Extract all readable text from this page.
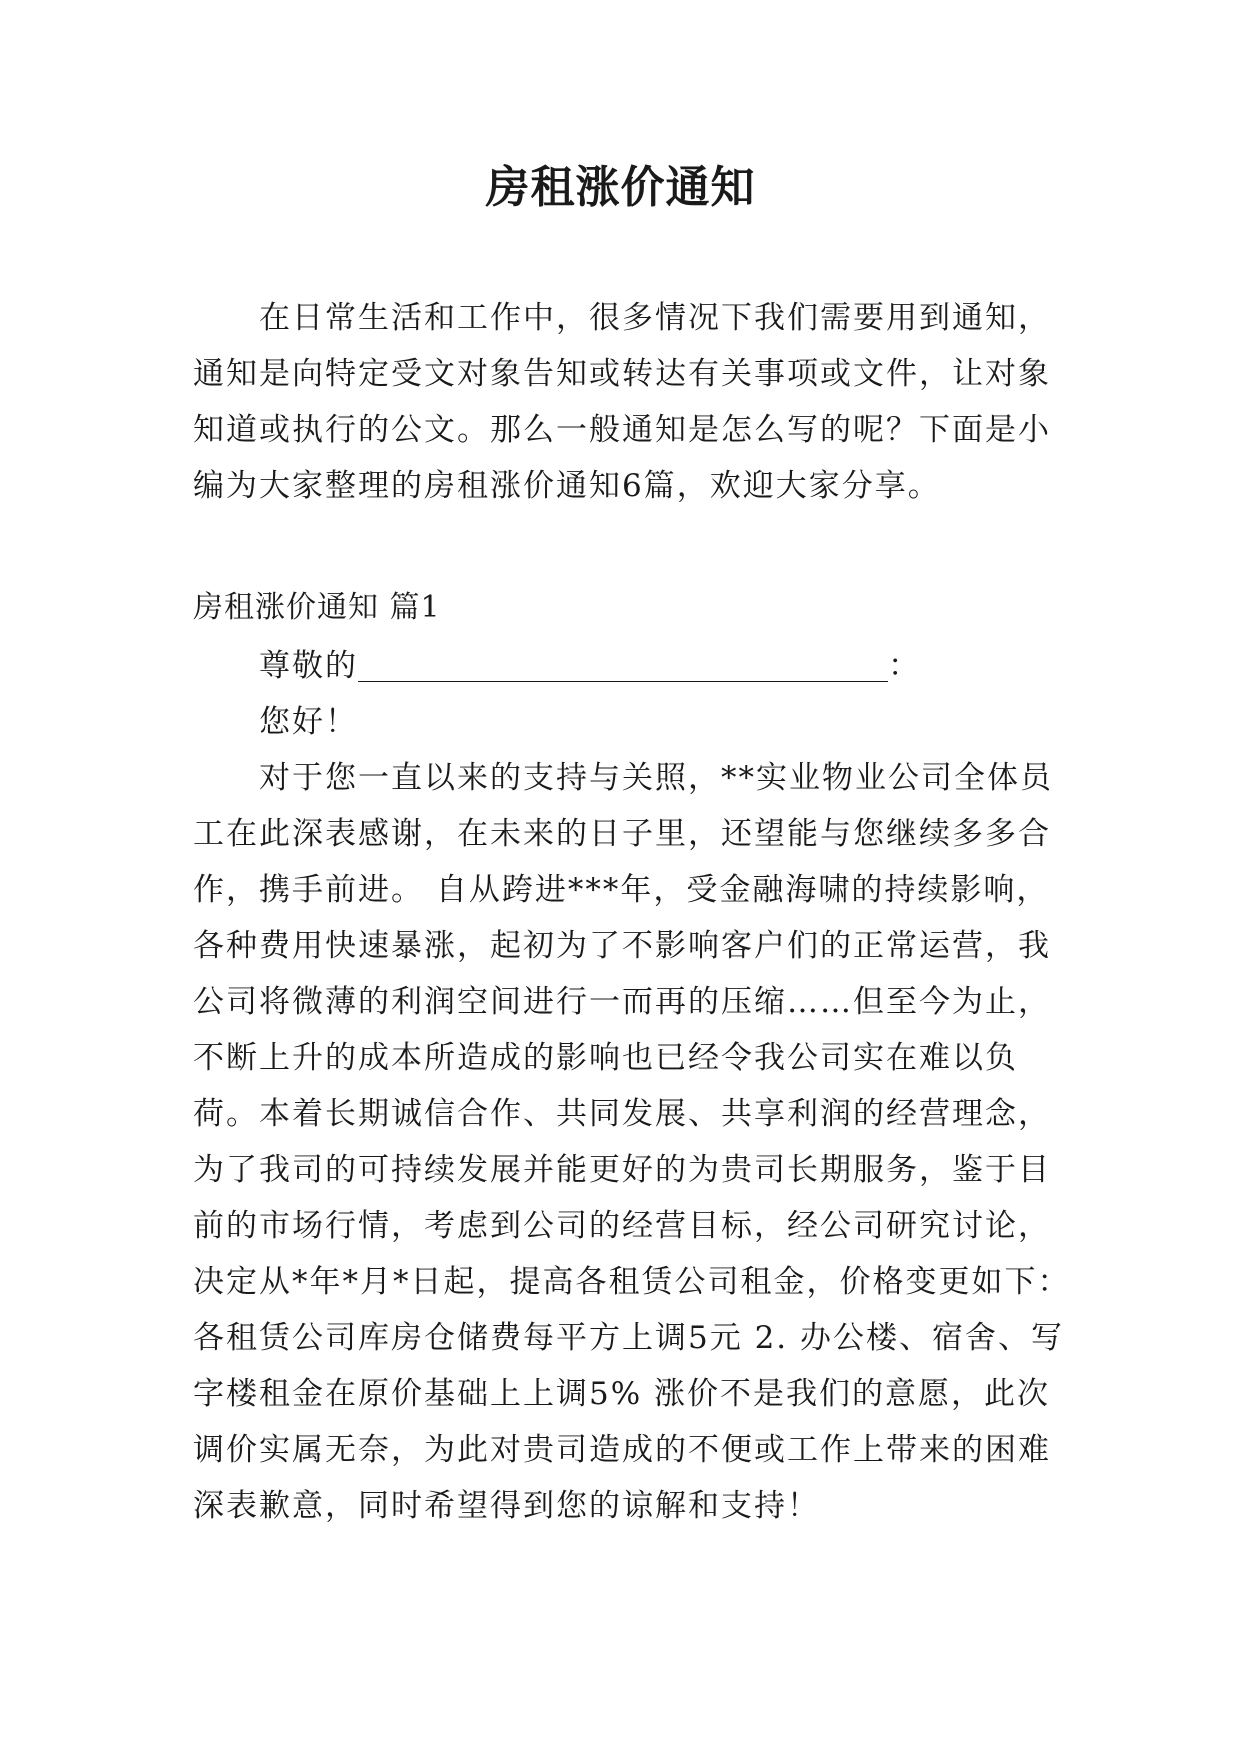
房租涨价通知
在日常生活和工作中，很多情况下我们需要用到通知，通知是向特定受文对象告知或转达有关事项或文件，让对象知道或执行的公文。那么一般通知是怎么写的呢？下面是小编为大家整理的房租涨价通知6篇，欢迎大家分享。
房租涨价通知 篇1
尊敬的	：
您好！
对于您一直以来的支持与关照，**实业物业公司全体员工在此深表感谢，在未来的日子里，还望能与您继续多多合作，携手前进。 自从跨进***年，受金融海啸的持续影响，各种费用快速暴涨，起初为了不影响客户们的正常运营，我公司将微薄的利润空间进行一而再的压缩……但至今为止，不断上升的成本所造成的影响也已经令我公司实在难以负荷。本着长期诚信合作、共同发展、共享利润的经营理念，为了我司的可持续发展并能更好的为贵司长期服务，鉴于目前的市场行情，考虑到公司的经营目标，经公司研究讨论，决定从*年*月*日起，提高各租赁公司租金，价格变更如下：各租赁公司库房仓储费每平方上调5元 2. 办公楼、宿舍、写字楼租金在原价基础上上调5% 涨价不是我们的意愿，此次调价实属无奈，为此对贵司造成的不便或工作上带来的困难深表歉意，同时希望得到您的谅解和支持！
